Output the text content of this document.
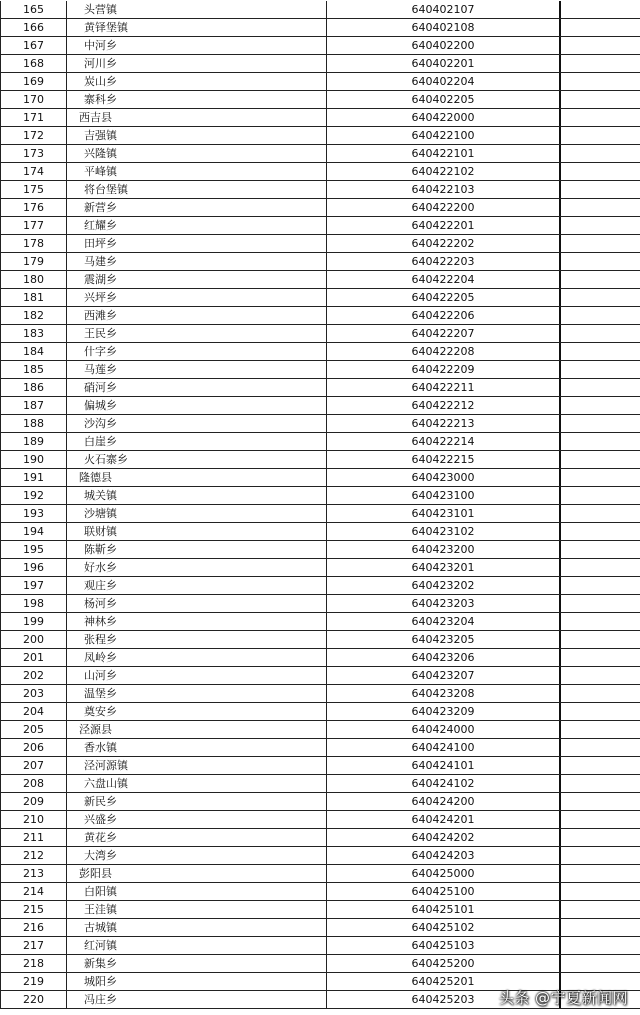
165	头营镇	640402107
166	黄铎堡镇	640402108
167	中河乡	640402200
168	河川乡	640402201
169	炭山乡	640402204
170	寨科乡	640402205
171	西吉县	640422000
172	吉强镇	640422100
173	兴隆镇	640422101
174	平峰镇	640422102
175	将台堡镇	640422103
176	新营乡	640422200
177	红耀乡	640422201
178	田坪乡	640422202
179	马建乡	640422203
180	震湖乡	640422204
181	兴坪乡	640422205
182	西滩乡	640422206
183	王民乡	640422207
184	什字乡	640422208
185	马莲乡	640422209
186	硝河乡	640422211
187	偏城乡	640422212
188	沙沟乡	640422213
189	白崖乡	640422214
190	火石寨乡	640422215
191	隆德县	640423000
192	城关镇	640423100
193	沙塘镇	640423101
194	联财镇	640423102
195	陈靳乡	640423200
196	好水乡	640423201
197	观庄乡	640423202
198	杨河乡	640423203
199	神林乡	640423204
200	张程乡	640423205
201	凤岭乡	640423206
202	山河乡	640423207
203	温堡乡	640423208
204	奠安乡	640423209
205	泾源县	640424000
206	香水镇	640424100
207	泾河源镇	640424101
208	六盘山镇	640424102
209	新民乡	640424200
210	兴盛乡	640424201
211	黄花乡	640424202
212	大湾乡	640424203
213	彭阳县	640425000
214	白阳镇	640425100
215	王洼镇	640425101
216	古城镇	640425102
217	红河镇	640425103
218	新集乡	640425200
219	城阳乡	640425201
220	冯庄乡	640425203	头条 @宁夏新闻网
